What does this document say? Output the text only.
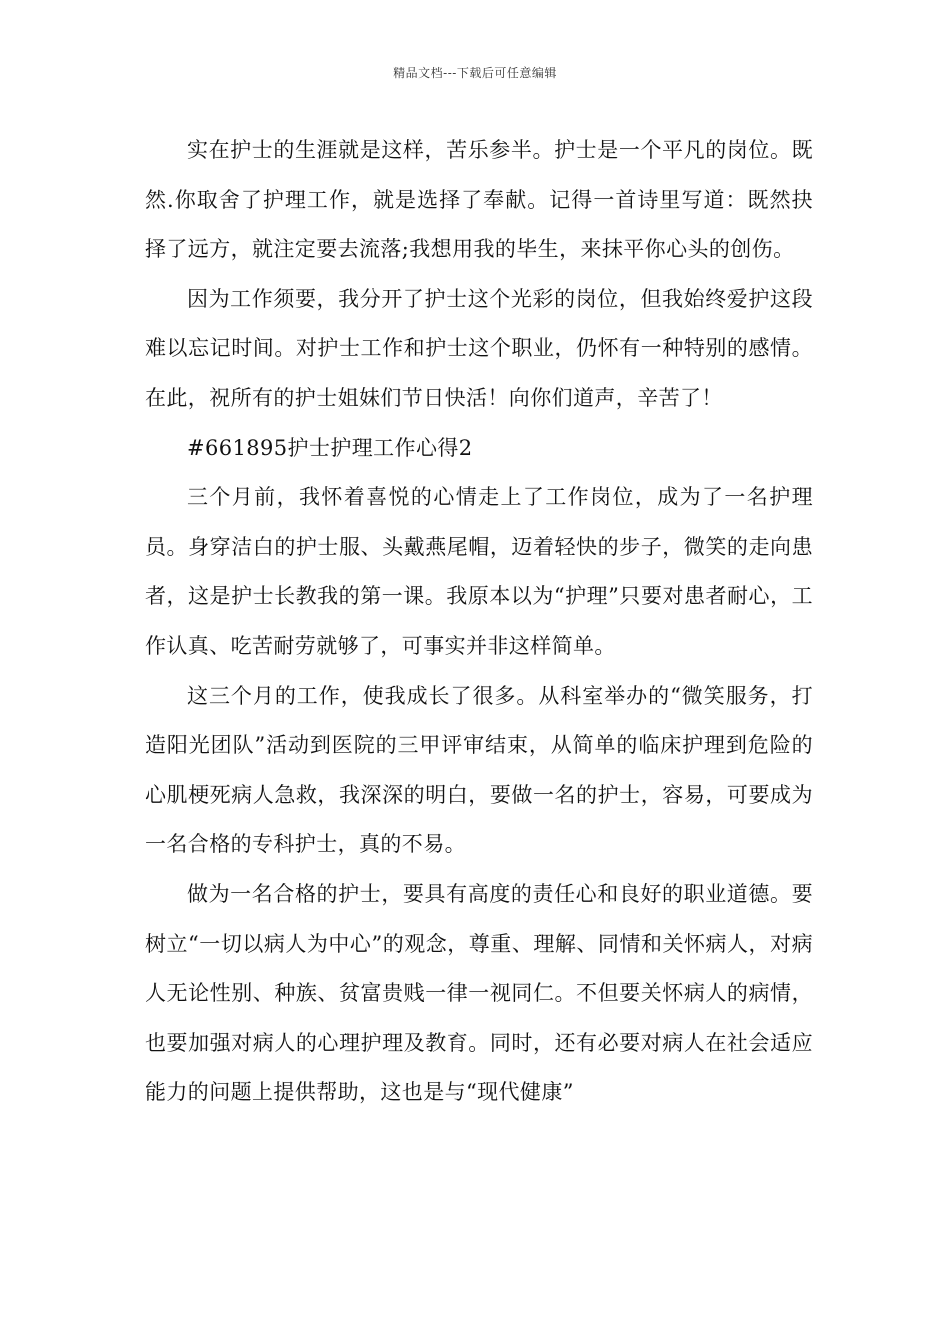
精品文档---下载后可任意编辑

实在护士的生涯就是这样，苦乐参半。护士是一个平凡的岗位。既然.你取舍了护理工作，就是选择了奉献。记得一首诗里写道：既然抉择了远方，就注定要去流落;我想用我的毕生，来抹平你心头的创伤。

因为工作须要，我分开了护士这个光彩的岗位，但我始终爱护这段难以忘记时间。对护士工作和护士这个职业，仍怀有一种特别的感情。在此，祝所有的护士姐妹们节日快活！向你们道声，辛苦了！

#661895护士护理工作心得2

三个月前，我怀着喜悦的心情走上了工作岗位，成为了一名护理员。身穿洁白的护士服、头戴燕尾帽，迈着轻快的步子，微笑的走向患者，这是护士长教我的第一课。我原本以为“护理”只要对患者耐心，工作认真、吃苦耐劳就够了，可事实并非这样简单。

这三个月的工作，使我成长了很多。从科室举办的“微笑服务，打造阳光团队”活动到医院的三甲评审结束，从简单的临床护理到危险的心肌梗死病人急救，我深深的明白，要做一名的护士，容易，可要成为一名合格的专科护士，真的不易。

做为一名合格的护士，要具有高度的责任心和良好的职业道德。要树立“一切以病人为中心”的观念，尊重、理解、同情和关怀病人，对病人无论性别、种族、贫富贵贱一律一视同仁。不但要关怀病人的病情，也要加强对病人的心理护理及教育。同时，还有必要对病人在社会适应能力的问题上提供帮助，这也是与“现代健康”
